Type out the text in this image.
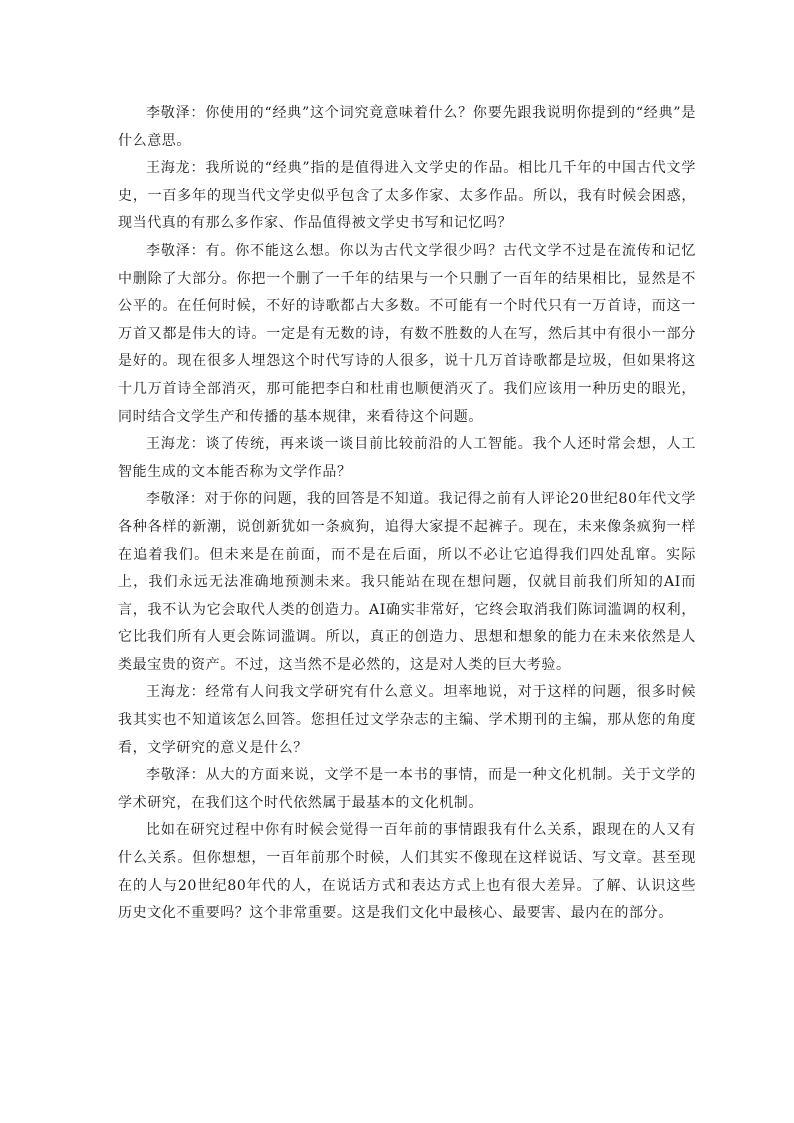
李敬泽：你使用的“经典”这个词究竟意味着什么？你要先跟我说明你提到的“经典”是什么意思。

王海龙：我所说的“经典”指的是值得进入文学史的作品。相比几千年的中国古代文学史，一百多年的现当代文学史似乎包含了太多作家、太多作品。所以，我有时候会困惑，现当代真的有那么多作家、作品值得被文学史书写和记忆吗？

李敬泽：有。你不能这么想。你以为古代文学很少吗？古代文学不过是在流传和记忆中删除了大部分。你把一个删了一千年的结果与一个只删了一百年的结果相比，显然是不公平的。在任何时候，不好的诗歌都占大多数。不可能有一个时代只有一万首诗，而这一万首又都是伟大的诗。一定是有无数的诗，有数不胜数的人在写，然后其中有很小一部分是好的。现在很多人埋怨这个时代写诗的人很多，说十几万首诗歌都是垃圾，但如果将这十几万首诗全部消灭，那可能把李白和杜甫也顺便消灭了。我们应该用一种历史的眼光，同时结合文学生产和传播的基本规律，来看待这个问题。

王海龙：谈了传统，再来谈一谈目前比较前沿的人工智能。我个人还时常会想，人工智能生成的文本能否称为文学作品？

李敬泽：对于你的问题，我的回答是不知道。我记得之前有人评论20世纪80年代文学各种各样的新潮，说创新犹如一条疯狗，追得大家提不起裤子。现在，未来像条疯狗一样在追着我们。但未来是在前面，而不是在后面，所以不必让它追得我们四处乱窜。实际上，我们永远无法准确地预测未来。我只能站在现在想问题，仅就目前我们所知的AI而言，我不认为它会取代人类的创造力。AI确实非常好，它终会取消我们陈词滥调的权利，它比我们所有人更会陈词滥调。所以，真正的创造力、思想和想象的能力在未来依然是人类最宝贵的资产。不过，这当然不是必然的，这是对人类的巨大考验。

王海龙：经常有人问我文学研究有什么意义。坦率地说，对于这样的问题，很多时候我其实也不知道该怎么回答。您担任过文学杂志的主编、学术期刊的主编，那从您的角度看，文学研究的意义是什么？

李敬泽：从大的方面来说，文学不是一本书的事情，而是一种文化机制。关于文学的学术研究，在我们这个时代依然属于最基本的文化机制。

比如在研究过程中你有时候会觉得一百年前的事情跟我有什么关系，跟现在的人又有什么关系。但你想想，一百年前那个时候，人们其实不像现在这样说话、写文章。甚至现在的人与20世纪80年代的人，在说话方式和表达方式上也有很大差异。了解、认识这些历史文化不重要吗？这个非常重要。这是我们文化中最核心、最要害、最内在的部分。
